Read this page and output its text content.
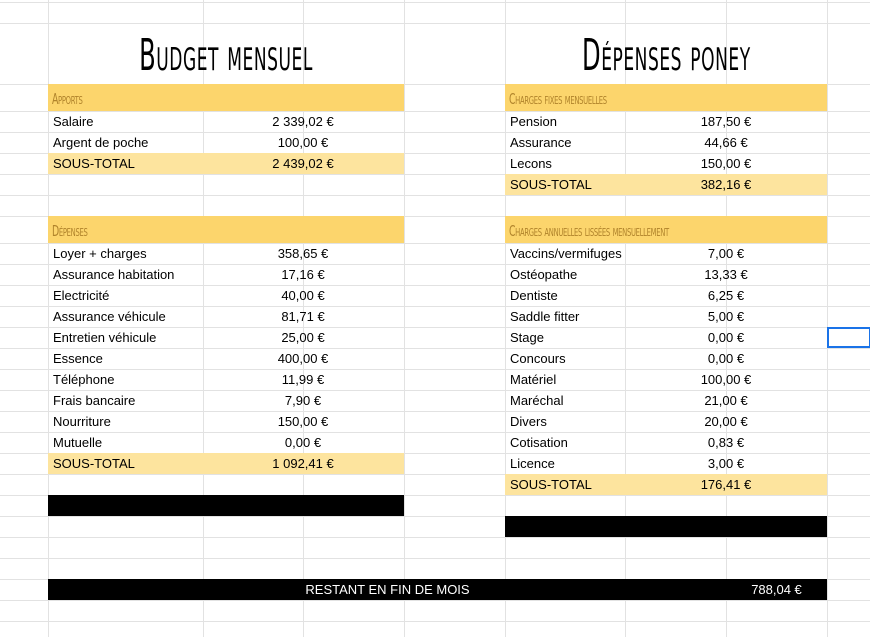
Budget mensuel	Dépenses poney
Apports
Salaire	2 339,02 €
Argent de poche	100,00 €
SOUS-TOTAL	2 439,02 €
Dépenses
Loyer + charges	358,65 €
Assurance habitation	17,16 €
Electricité	40,00 €
Assurance véhicule	81,71 €
Entretien véhicule	25,00 €
Essence	400,00 €
Téléphone	11,99 €
Frais bancaire	7,90 €
Nourriture	150,00 €
Mutuelle	0,00 €
SOUS-TOTAL	1 092,41 €
TOTAL RESTANT	1 346,61 €
Charges fixes mensuelles
Pension	187,50 €
Assurance	44,66 €
Lecons	150,00 €
SOUS-TOTAL	382,16 €
Charges annuelles lissées mensuellement
Vaccins/vermifuges	7,00 €
Ostéopathe	13,33 €
Dentiste	6,25 €
Saddle fitter	5,00 €
Stage	0,00 €
Concours	0,00 €
Matériel	100,00 €
Maréchal	21,00 €
Divers	20,00 €
Cotisation	0,83 €
Licence	3,00 €
SOUS-TOTAL	176,41 €
TOTAL	558,57 €
RESTANT EN FIN DE MOIS	788,04 €
